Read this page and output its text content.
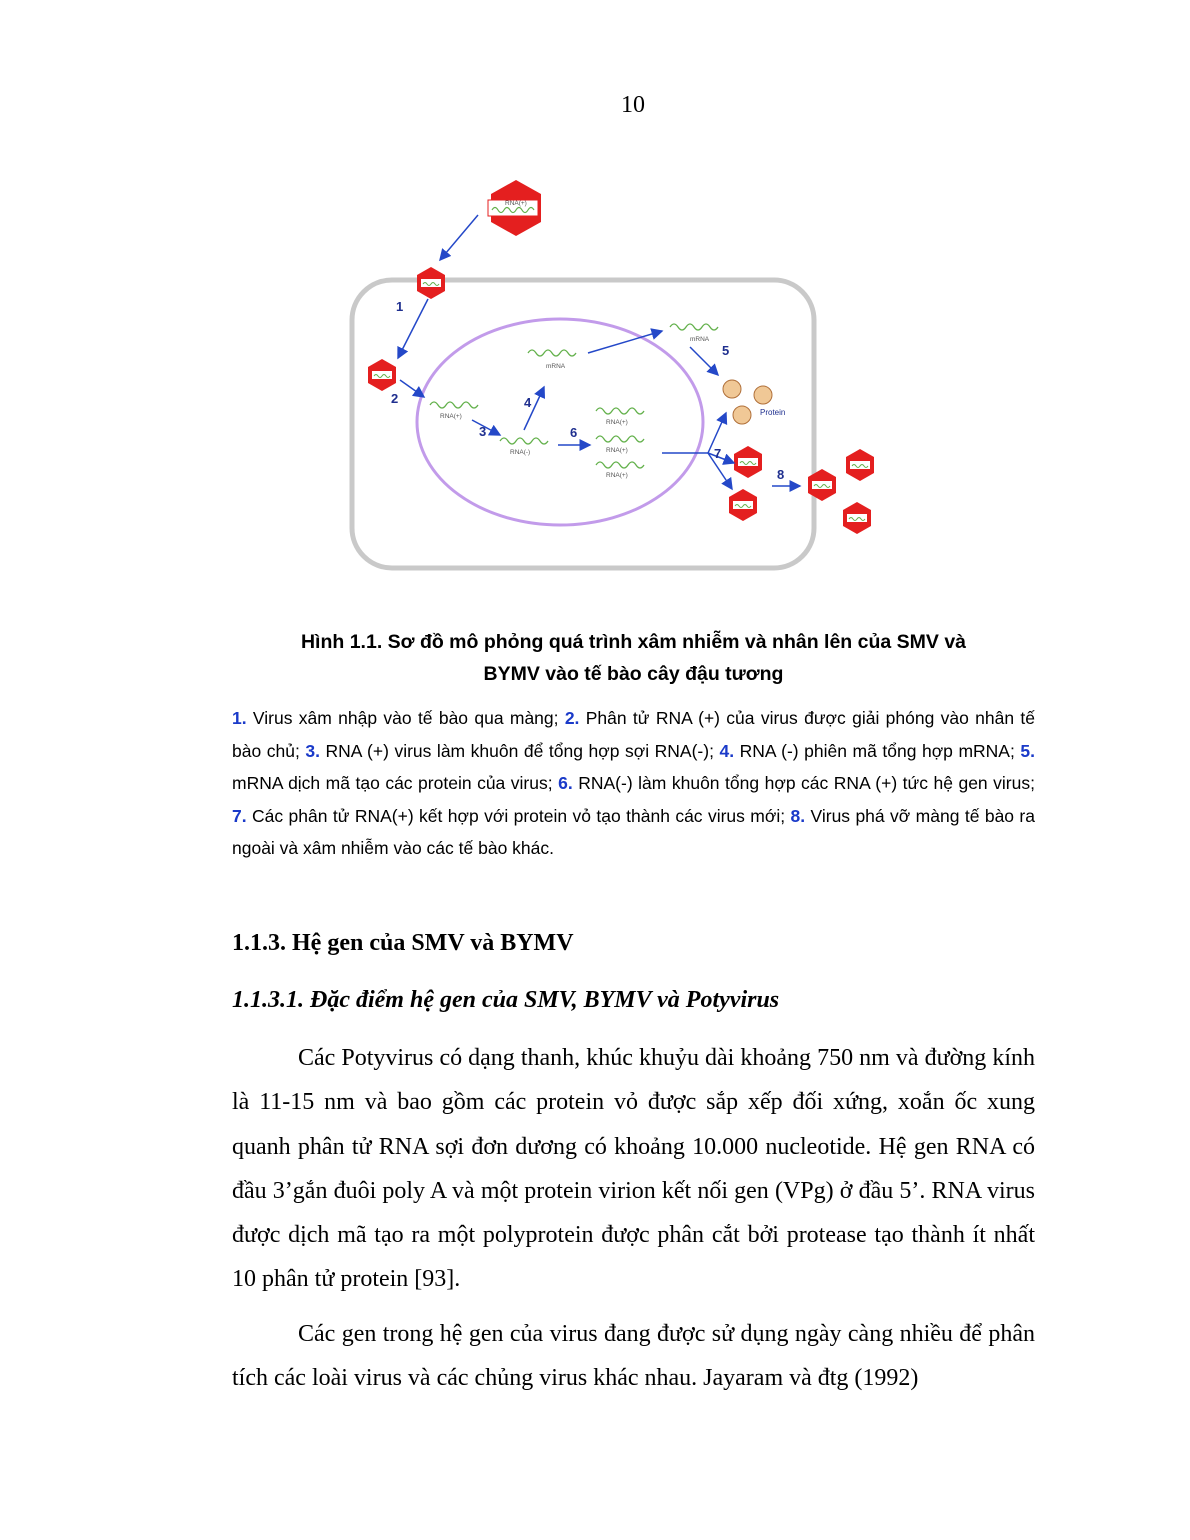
10
RNA(+)
RNA(+)
RNA(-)
mRNA
mRNA
RNA(+)
RNA(+)
RNA(+)
Protein
1
2
3
4
5
6
7
8
Hình 1.1. Sơ đồ mô phỏng quá trình xâm nhiễm và nhân lên của SMV và
BYMV vào tế bào cây đậu tương
1. Virus xâm nhập vào tế bào qua màng; 2. Phân tử RNA (+) của virus được giải phóng vào nhân tế bào chủ; 3. RNA (+) virus làm khuôn để tổng hợp sợi RNA(-); 4. RNA (-) phiên mã tổng hợp mRNA; 5. mRNA dịch mã tạo các protein của virus; 6. RNA(-) làm khuôn tổng hợp các RNA (+) tức hệ gen virus; 7. Các phân tử RNA(+) kết hợp với protein vỏ tạo thành các virus mới; 8. Virus phá vỡ màng tế bào ra ngoài và xâm nhiễm vào các tế bào khác.
1.1.3. Hệ gen của SMV và BYMV
1.1.3.1. Đặc điểm hệ gen của SMV, BYMV và Potyvirus
Các Potyvirus có dạng thanh, khúc khuỷu dài khoảng 750 nm và đường kính là 11-15 nm và bao gồm các protein vỏ được sắp xếp đối xứng, xoắn ốc xung quanh phân tử RNA sợi đơn dương có khoảng 10.000 nucleotide. Hệ gen RNA có đầu 3’gắn đuôi poly A và một protein virion kết nối gen (VPg) ở đầu 5’. RNA virus được dịch mã tạo ra một polyprotein được phân cắt bởi protease tạo thành ít nhất 10 phân tử protein [93].
Các gen trong hệ gen của virus đang được sử dụng ngày càng nhiều để phân tích các loài virus và các chủng virus khác nhau. Jayaram và đtg (1992)
